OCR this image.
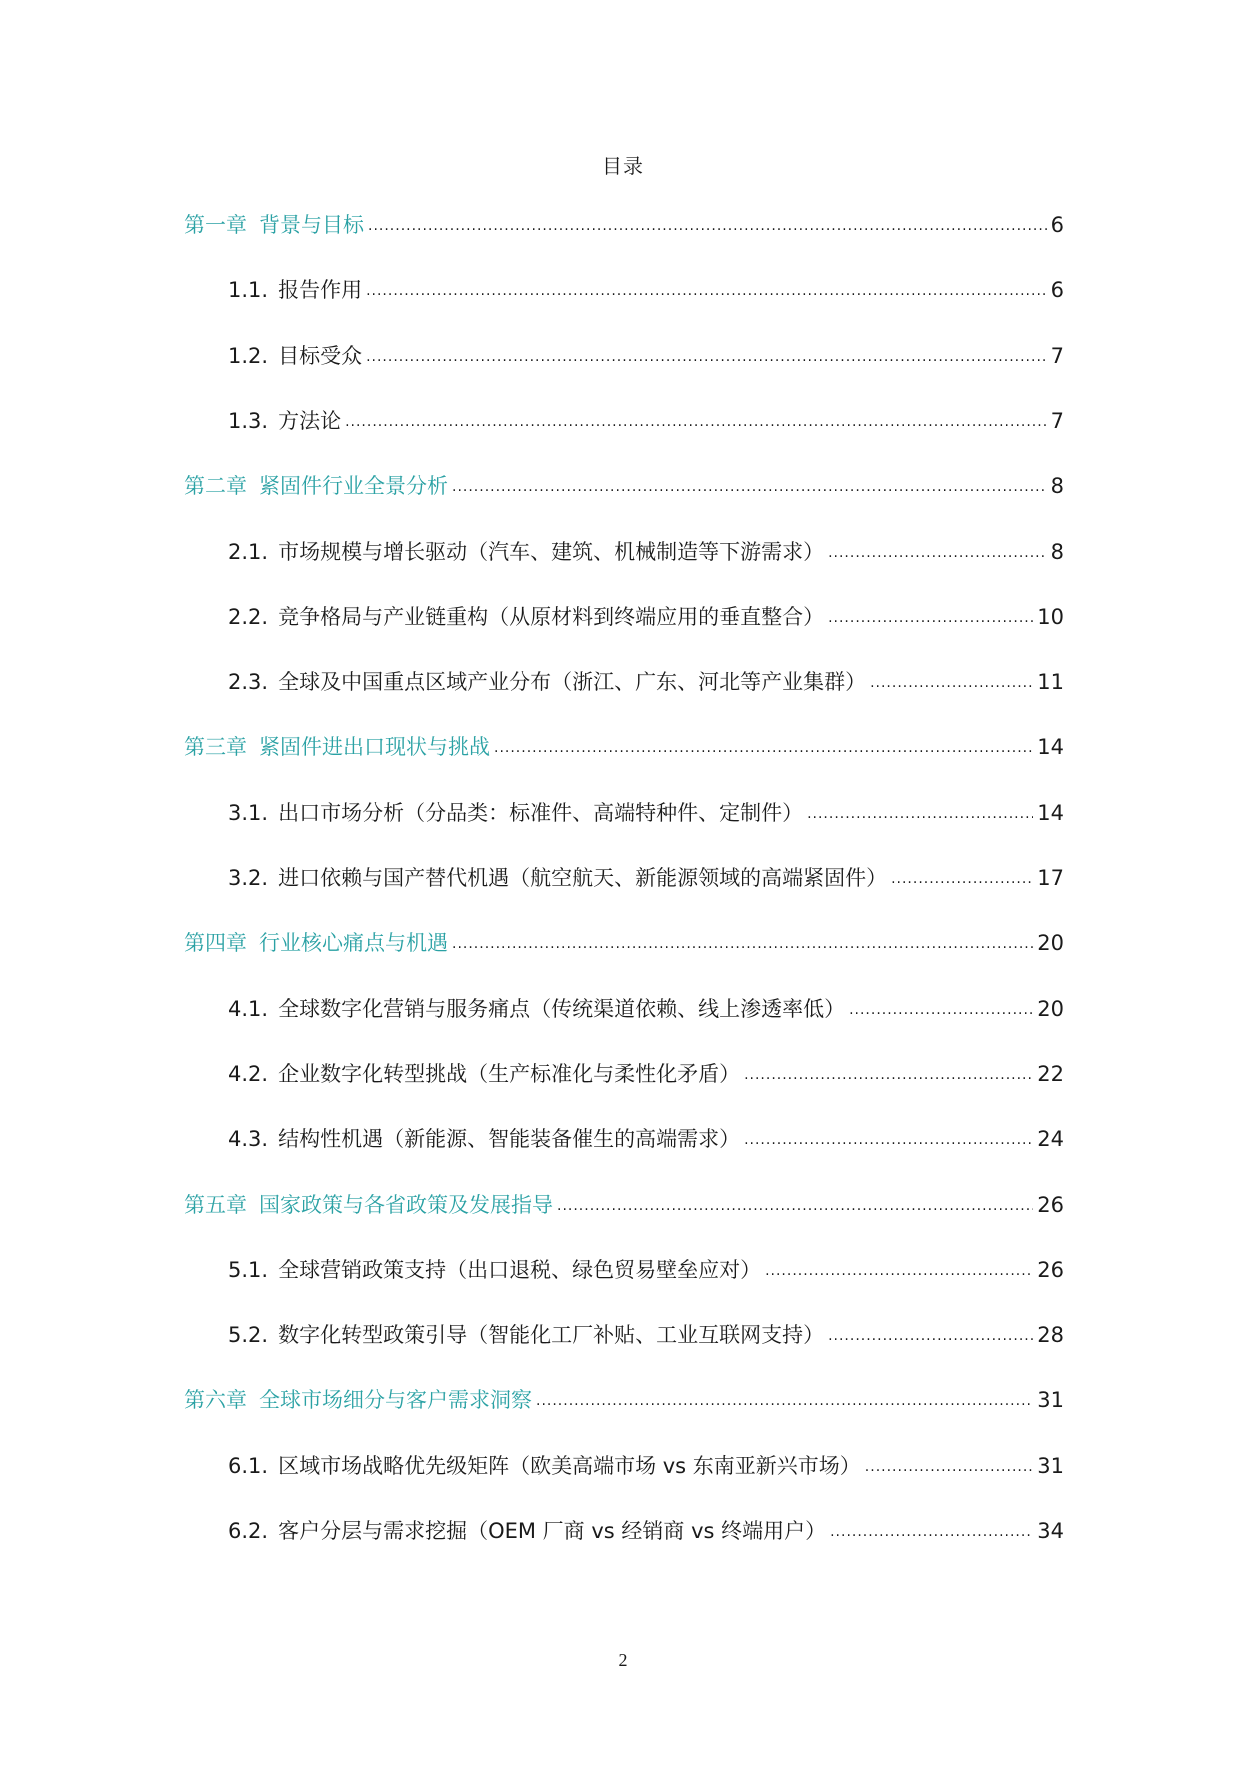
目录
第一章 背景与目标 .....	6
1.1. 报告作用 .....	6
1.2. 目标受众 .....	7
1.3. 方法论 .....	7
第二章 紧固件行业全景分析 .....	8
2.1. 市场规模与增长驱动（汽车、建筑、机械制造等下游需求） .....	8
2.2. 竞争格局与产业链重构（从原材料到终端应用的垂直整合） .....	10
2.3. 全球及中国重点区域产业分布（浙江、广东、河北等产业集群） .....	11
第三章 紧固件进出口现状与挑战 .....	14
3.1. 出口市场分析（分品类：标准件、高端特种件、定制件） .....	14
3.2. 进口依赖与国产替代机遇（航空航天、新能源领域的高端紧固件） .....	17
第四章 行业核心痛点与机遇 .....	20
4.1. 全球数字化营销与服务痛点（传统渠道依赖、线上渗透率低） .....	20
4.2. 企业数字化转型挑战（生产标准化与柔性化矛盾） .....	22
4.3. 结构性机遇（新能源、智能装备催生的高端需求） .....	24
第五章 国家政策与各省政策及发展指导 .....	26
5.1. 全球营销政策支持（出口退税、绿色贸易壁垒应对） .....	26
5.2. 数字化转型政策引导（智能化工厂补贴、工业互联网支持） .....	28
第六章 全球市场细分与客户需求洞察 .....	31
6.1. 区域市场战略优先级矩阵（欧美高端市场 vs 东南亚新兴市场） .....	31
6.2. 客户分层与需求挖掘（OEM 厂商 vs 经销商 vs 终端用户） .....	34
2
